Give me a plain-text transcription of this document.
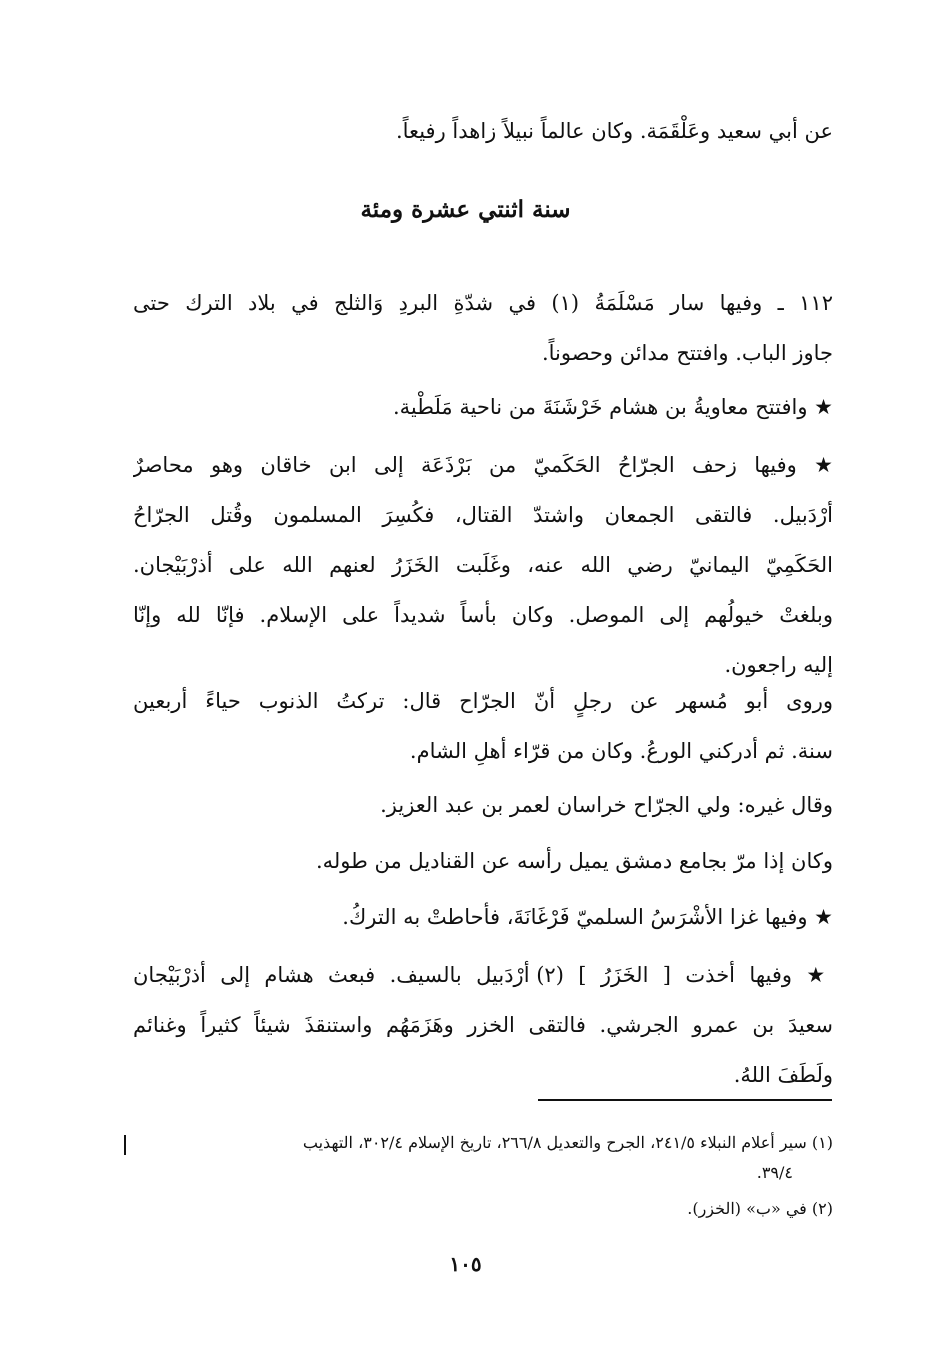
عن أبي سعيد وعَلْقَمَة. وكان عالماً نبيلاً زاهداً رفيعاً.
سنة اثنتي عشرة ومئة
١١٢ ـ وفيها سار مَسْلَمَةُ (١) في شدّةِ البردِ وَالثلج في بلاد الترك حتى
جاوز الباب. وافتتح مدائن وحصوناً.
★ وافتتح معاويةُ بن هشام خَرْشَنَةَ من ناحية مَلَطْية.
★ وفيها زحف الجرّاحُ الحَكَميّ من بَرْذَعَة إلى ابن خاقان وهو محاصرٌ
أرْدَبيل. فالتقى الجمعان واشتدّ القتال، فكُسِرَ المسلمون وقُتل الجرّاحُ
الحَكَمِيّ اليمانيّ رضي الله عنه، وغَلَبت الخَزَرُ لعنهم الله على أذرْبَيْجان.
وبلغتْ خيولُهم إلى الموصل. وكان بأساً شديداً على الإسلام. فإنّا لله وإنّا
إليه راجعون.
وروى أبو مُسهر عن رجلٍ أنّ الجرّاح قال: تركتُ الذنوب حياءً أربعين
سنة. ثم أدركني الورعُ. وكان من قرّاء أهلِ الشام.
وقال غيره: ولي الجرّاح خراسان لعمر بن عبد العزيز.
وكان إذا مرّ بجامع دمشق يميل رأسه عن القناديل من طوله.
★ وفيها غزا الأشْرَسُ السلميّ فَرْغَانَةَ، فأحاطتْ به التركُ.
★ وفيها أخذت [ الخَزَرُ ] (٢) أرْدَبيل بالسيف. فبعث هشام إلى أذرْبَيْجان
سعيدَ بن عمرو الجرشي. فالتقى الخزر وهَزَمَهُم واستنقذَ شيئاً كثيراً وغنائم
ولَطَفَ اللهُ.
(١) سير أعلام النبلاء ٢٤١/٥، الجرح والتعديل ٢٦٦/٨، تاريخ الإسلام ٣٠٢/٤، التهذيب
٣٩/٤.
(٢) في «ب» (الخزر).
١٠٥
